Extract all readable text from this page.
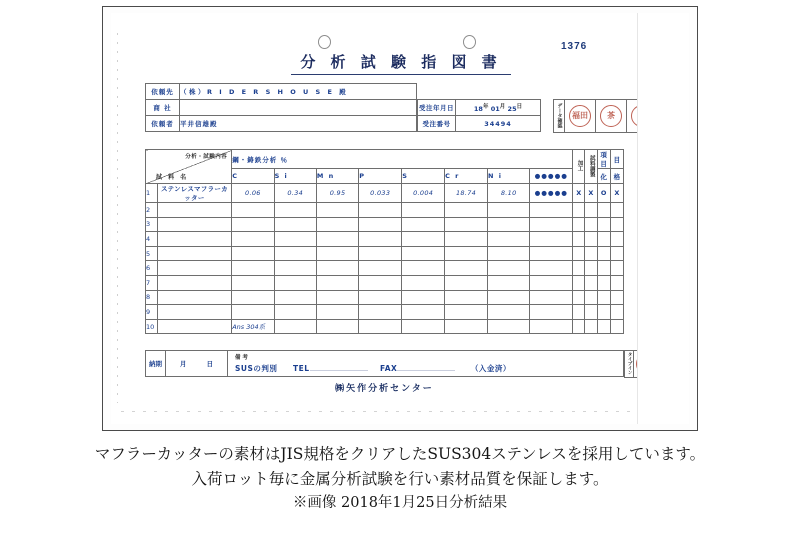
分 析 試 験 指 図 書
1376
依頼先	（株）R I D E R S H O U S E 殿
商 社	
依頼者	平井信雄殿
受注年月日	$18^年$ $01^月$ $25^日$
受注番号	34494	データ確認	福田	茶	
分析・試験内容
試 料 名		鋼・鋳鉄分析 ％								加工	試料調製	項目	目
		C	S i	M n	P	S	C r	N i	●●●●●			化	格
1	ステンレスマフラーカッター	0.06	0.34	0.95	0.033	0.004	18.74	8.10	●●●●●	X	X	O	X
2													
3													
4													
5													
6													
7													
8													
9													
10		Ans 304系											
納期	月	日	
備 考
SUSの判別 TEL	FAX	（入金済）	タイプイン		
㈱矢作分析センター
マフラーカッターの素材はJIS規格をクリアしたSUS304ステンレスを採用しています。
入荷ロット毎に金属分析試験を行い素材品質を保証します。
※画像 2018年1月25日分析結果
